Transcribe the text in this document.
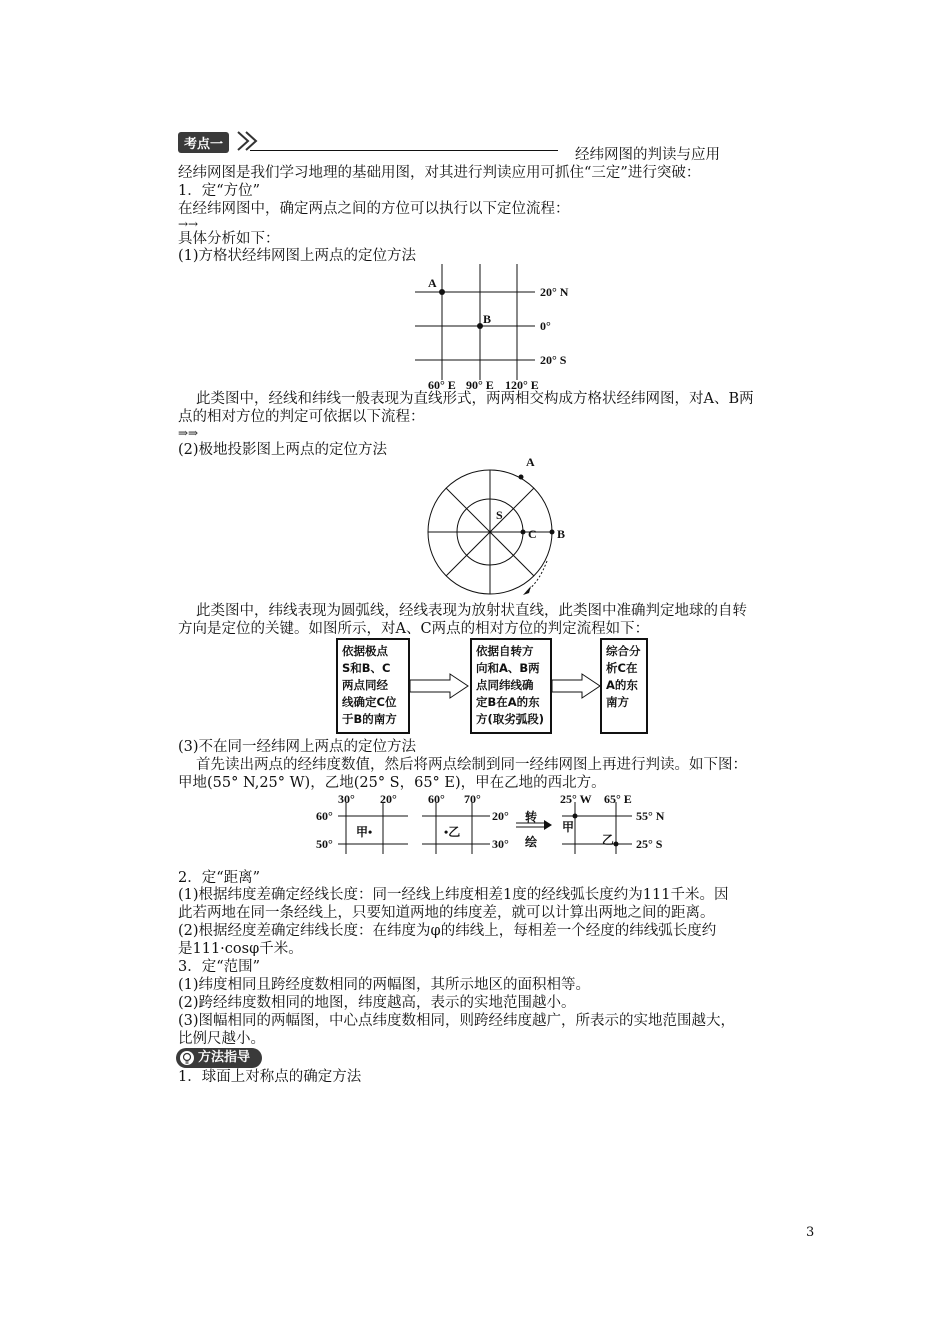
考点一
经纬网图的判读与应用
经纬网图是我们学习地理的基础用图，对其进行判读应用可抓住“三定”进行突破：
1．定“方位”
在经纬网图中，确定两点之间的方位可以执行以下定位流程：
→→
具体分析如下：
(1)方格状经纬网图上两点的定位方法
A
B
20° N
0°
20° S
60° E 90° E 120° E
此类图中，经线和纬线一般表现为直线形式，两两相交构成方格状经纬网图，对A、B两
点的相对方位的判定可依据以下流程：
⇒⇒
(2)极地投影图上两点的定位方法
A
S
C B
此类图中，纬线表现为圆弧线，经线表现为放射状直线，此类图中准确判定地球的自转
方向是定位的关键。如图所示，对A、C两点的相对方位的判定流程如下：
依据极点
S和B、C
两点同经
线确定C位
于B的南方
依据自转方
向和A、B两
点同纬线确
定B在A的东
方(取劣弧段)
综合分
析C在
A的东
南方
(3)不在同一经纬网上两点的定位方法
首先读出两点的经纬度数值，然后将两点绘制到同一经纬网图上再进行判读。如下图：
甲地(55° N,25° W)，乙地(25° S，65° E)，甲在乙地的西北方。
30° 20°
60°
50°
甲•
60° 70°
20°
30°
•乙
转
绘
25° W 65° E
55° N
25° S
甲
乙
2．定“距离”
(1)根据纬度差确定经线长度：同一经线上纬度相差1度的经线弧长度约为111千米。因
此若两地在同一条经线上，只要知道两地的纬度差，就可以计算出两地之间的距离。
(2)根据经度差确定纬线长度：在纬度为φ的纬线上，每相差一个经度的纬线弧长度约
是111·cosφ千米。
3．定“范围”
(1)纬度相同且跨经度数相同的两幅图，其所示地区的面积相等。
(2)跨经纬度数相同的地图，纬度越高，表示的实地范围越小。
(3)图幅相同的两幅图，中心点纬度数相同，则跨经纬度越广，所表示的实地范围越大，
比例尺越小。
方法指导
1．球面上对称点的确定方法
3
